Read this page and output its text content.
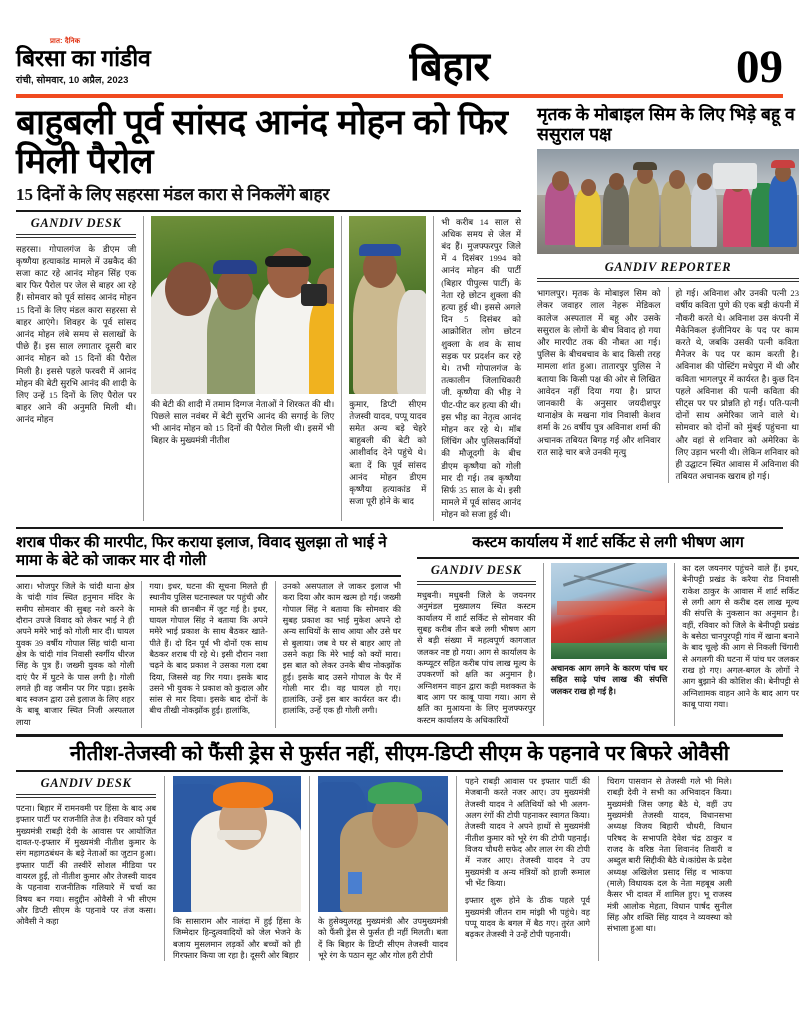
प्रात: दैनिक
बिरसा का गांडीव
रांची, सोमवार, 10 अप्रैल, 2023	बिहार	09
बाहुबली पूर्व सांसद आनंद मोहन को फिर मिली पैरोल
15 दिनों के लिए सहरसा मंडल कारा से निकलेंगे बाहर
GANDIV DESK
सहरसा। गोपालगंज के डीएम जी कृष्णैया हत्याकांड मामले में उम्रकैद की सजा काट रहे आनंद मोहन सिंह एक बार फिर पैरोल पर जेल से बाहर आ रहे हैं। सोमवार को पूर्व सांसद आनंद मोहन 15 दिनों के लिए मंडल कारा सहरसा से बाहर आएंगे। शिवहर के पूर्व सांसद आनंद मोहन लंबे समय से सलाखों के पीछे हैं। इस साल लगातार दूसरी बार आनंद मोहन को 15 दिनों की पैरोल मिली है। इससे पहले फरवरी में आनंद मोहन की बेटी सुरभि आनंद की शादी के लिए उन्हें 15 दिनों के लिए पैरोल पर बाहर आने की अनुमति मिली थी। आनंद मोहन
की बेटी की शादी में तमाम दिग्गज नेताओं ने शिरकत की थी। पिछले साल नवंबर में बेटी सुरभि आनंद की सगाई के लिए भी आनंद मोहन को 15 दिनों की पैरोल मिली थी। इसमें भी बिहार के मुख्यमंत्री नीतीश
कुमार, डिप्टी सीएम तेजस्वी यादव, पप्पू यादव समेत अन्य बड़े चेहरे बाहुबली की बेटी को आशीर्वाद देने पहुंचे थे। बता दें कि पूर्व सांसद आनंद मोहन डीएम कृष्णैया हत्याकांड में सजा पूरी होने के बाद
भी करीब 14 साल से अधिक समय से जेल में बंद हैं। मुजफ्फरपुर जिले में 4 दिसंबर 1994 को आनंद मोहन की पार्टी (बिहार पीपुल्स पार्टी) के नेता रहे छोटन शुक्ला की हत्या हुई थी। इससे अगले दिन 5 दिसंबर को आक्रोशित लोग छोटन शुक्ला के शव के साथ सड़क पर प्रदर्शन कर रहे थे। तभी गोपालगंज के तत्कालीन जिलाधिकारी जी. कृष्णैया की भीड़ ने पीट-पीट कर हत्या की थी। इस भीड़ का नेतृत्व आनंद मोहन कर रहे थे। मॉब लिंचिंग और पुलिसकर्मियों की मौजूदगी के बीच डीएम कृष्णैया को गोली मार दी गई। तब कृष्णैया सिर्फ 35 साल के थे। इसी मामले में पूर्व सांसद आनंद मोहन को सजा हुई थी।
मृतक के मोबाइल सिम के लिए भिड़े बहू व ससुराल पक्ष
GANDIV REPORTER
भागलपुर। मृतक के मोबाइल सिम को लेकर जवाहर लाल नेहरू मेडिकल कालेज अस्पताल में बहू और उसके ससुराल के लोगों के बीच विवाद हो गया और मारपीट तक की नौबत आ गई। पुलिस के बीचबचाव के बाद किसी तरह मामला शांत हुआ। तातारपुर पुलिस ने बताया कि किसी पक्ष की ओर से लिखित आवेदन नहीं दिया गया है। प्राप्त जानकारी के अनुसार जयदीशपुर थानाक्षेत्र के मखना गांव निवासी केशव शर्मा के 26 वर्षीय पुत्र अविनाश शर्मा की अचानक तबियत बिगड़ गई और शनिवार रात साढ़े चार बजे उनकी मृत्यु
हो गई। अविनाश और उनकी पत्नी 23 वर्षीय कविता पुणे की एक बड़ी कंपनी में नौकरी करते थे। अविनाश उस कंपनी में मैकेनिकल इंजीनियर के पद पर काम करते थे, जबकि उसकी पत्नी कविता मैनेजर के पद पर काम करती है। अविनाश की पोस्टिंग मधेपुरा में थी और कविता भागलपुर में कार्यरत है। कुछ दिन पहले अविनाश की पत्नी कविता की सीट्स पर पर प्रोन्नति हो गई। पति-पत्नी दोनों साथ अमेरिका जाने वाले थे। सोमवार को दोनों को मुंबई पहुंचना था और वहां से शनिवार को अमेरिका के लिए उड़ान भरनी थी। लेकिन शनिवार को ही उद्घाटन स्थित आवास में अविनाश की तबियत अचानक खराब हो गई।
शराब पीकर की मारपीट, फिर कराया इलाज, विवाद सुलझा तो भाई ने मामा के बेटे को जाकर मार दी गोली
आरा। भोजपुर जिले के चांदी थाना क्षेत्र के चांदी गांव स्थित हनुमान मंदिर के समीप सोमवार की सुबह नशे करने के दौरान उपजे विवाद को लेकर भाई ने ही अपने ममेरे भाई को गोली मार दी। घायल युवक 39 वर्षीय गोपाल सिंह चांदी थाना क्षेत्र के चांदी गांव निवासी स्वर्गीय धीरज सिंह के पुत्र हैं। जख्मी युवक को गोली दाएं पैर में घुटने के पास लगी है। गोली लगते ही वह जमीन पर गिर पड़ा। इसके बाद स्वजन द्वारा उसे इलाज के लिए शहर के बाबू बाजार स्थित निजी अस्पताल लाया
गया। इधर, घटना की सूचना मिलते ही स्थानीय पुलिस घटनास्थल पर पहुंची और मामले की छानबीन में जुट गई है। इधर, घायल गोपाल सिंह ने बताया कि अपने ममेरे भाई प्रकाश के साथ बैठकर खाते-पीते हैं। दो दिन पूर्व भी दोनों एक साथ बैठकर शराब पी रहे थे। इसी दौरान नशा चढ़ने के बाद प्रकाश ने उसका गला दबा दिया, जिससे वह गिर गया। इसके बाद उसने भी युवक ने प्रकाश को कुदाल और सांस से मार दिया। इसके बाद दोनों के बीच तीखी नोकझोंक हुई। हालांकि,
उनको असपताल ले जाकर इलाज भी करा दिया और काम खत्म हो गई। जख्मी गोपाल सिंह ने बताया कि सोमवार की सुबह प्रकाश का भाई मुकेश अपने दो अन्य साथियों के साथ आया और उसे घर से बुलाया। जब वे घर से बाहर आए तो उसने कहा कि मेरे भाई को क्यों मारा। इस बात को लेकर उनके बीच नोकझोंक हुई। इसके बाद उसने गोपाल के पैर में गोली मार दी। वह घायल हो गए। हालांकि, उन्हें इस बार कार्यरत कर दी। हालांकि, उन्हें एक ही गोली लगी।
कस्टम कार्यालय में शार्ट सर्किट से लगी भीषण आग
GANDIV DESK
मधुबनी। मधुबनी जिले के जयनगर अनुमंडल मुख्यालय स्थित कस्टम कार्यालय में शार्ट सर्किट से सोमवार की सुबह करीब तीन बजे लगी भीषण आग से बड़ी संख्या में महत्वपूर्ण कागजात जलकर नष्ट हो गया। आग से कार्यालय के कम्प्यूटर सहित करीब पांच लाख मूल्य के उपकरणों को क्षति का अनुमान है। अग्निशमन वाहन द्वारा कड़ी मशक्कत के बाद आग पर काबू पाया गया। आग से क्षति का मुआयना के लिए मुजफ्फरपुर कस्टम कार्यालय के अधिकारियों
अचानक आग लगने के कारण पांच घर सहित साढ़े पांच लाख की संपत्ति जलकर राख हो गई है।
का दल जयनगर पहुंचने वाले हैं। इधर, बेनीपट्टी प्रखंड के करैया रोड निवासी राकेश ठाकुर के आवास में शार्ट सर्किट से लगी आग से करीब दस लाख मूल्य की संपत्ति के नुकसान का अनुमान है। वहीं, रविवार को जिले के बेनीपट्टी प्रखंड के बसेठा चानपुरपट्टी गांव में खाना बनाने के बाद चूल्हे की आग से निकली चिंगारी से अगलगी की घटना में पांच घर जलकर राख हो गए। अगल-बगल के लोगों ने आग बुझाने की कोशिश की। बेनीपट्टी से अग्निशामक वाहन आने के बाद आग पर काबू पाया गया।
नीतीश-तेजस्वी को फैंसी ड्रेस से फुर्सत नहीं, सीएम-डिप्टी सीएम के पहनावे पर बिफरे ओवैसी
GANDIV DESK
पटना। बिहार में रामनवमी पर हिंसा के बाद अब इफ्तार पार्टी पर राजनीति तेज है। रविवार को पूर्व मुख्यमंत्री राबड़ी देवी के आवास पर आयोजित दावत-ए-इफ्तार में मुख्यमंत्री नीतीश कुमार के संग महागठबंधन के बड़े नेताओं का जुटान हुआ।इफ्तार पार्टी की तस्वीरें सोशल मीडिया पर वायरल हुईं, तो नीतीश कुमार और तेजस्वी यादव के पहनावा राजनीतिक गलियारे में चर्चा का विषय बन गया। सदुद्दीन ओवैसी ने भी सीएम और डिप्टी सीएम के पहनावे पर तंज कसा। ओवैसी ने कहा	कि सासाराम और नालंदा में हुई हिंसा के जिम्मेदार हिन्दुत्ववादियों को जेल भेजने के बजाय मुसलमान लड़कों और बच्चों को ही गिरफ्तार किया जा रहा है। दूसरी ओर बिहार
के हुसेक्युलरह्न मुख्यमंत्री और उपमुख्यमंत्री को फैंसी ड्रेस से फुर्सत ही नहीं मिलती। बता दें कि बिहार के डिप्टी सीएम तेजस्वी यादव भूरे रंग के पठान सूट और गोल हरी टोपी
पहने राबड़ी आवास पर इफ्तार पार्टी की मेजबानी करते नजर आए। उप मुख्यमंत्री तेजस्वी यादव ने अतिथियों को भी अलग-अलग रंगों की टोपी पहनाकर स्वागत किया। तेजस्वी यादव ने अपने हाथों से मुख्यमंत्री नीतीश कुमार को भूरे रंग की टोपी पहनाई। विजय चौधरी सफेद और लाल रंग की टोपी में नजर आए। तेजस्वी यादव ने उप मुख्यमंत्री व अन्य मंत्रियों को हाजी रूमाल भी भेंट किया।
इफ्तार शुरू होने के ठीक पहले पूर्व मुख्यमंत्री जीतन राम मांझी भी पहुंचे। वह पप्पू यादव के बगल में बैठ गए। तुरंत आगे बढ़कर तेजस्वी ने उन्हें टोपी पहनायी।
चिराग पासवान से तेजस्वी गले भी मिले। राबड़ी देवी ने सभी का अभिवादन किया। मुख्यमंत्री जिस जगह बैठे थे, वहीं उप मुख्यमंत्री तेजस्वी यादव, विधानसभा अध्यक्ष विजय बिहारी चौधरी, विधान परिषद के सभापति देवेश चंद्र ठाकुर व राजद के वरिष्ठ नेता शिवानंद तिवारी व अब्दुल बारी सिद्दीकी बैठे थे।कांग्रेस के प्रदेश अध्यक्ष अखिलेश प्रसाद सिंह व भाकपा (माले) विधायक दल के नेता महबूब अली कैसर भी दावत में शामिल हुए। भू राजस्व मंत्री आलोक मेहता, विधान पार्षद सुनील सिंह और शक्ति सिंह यादव ने व्यवस्था को संभाला हुआ था।
